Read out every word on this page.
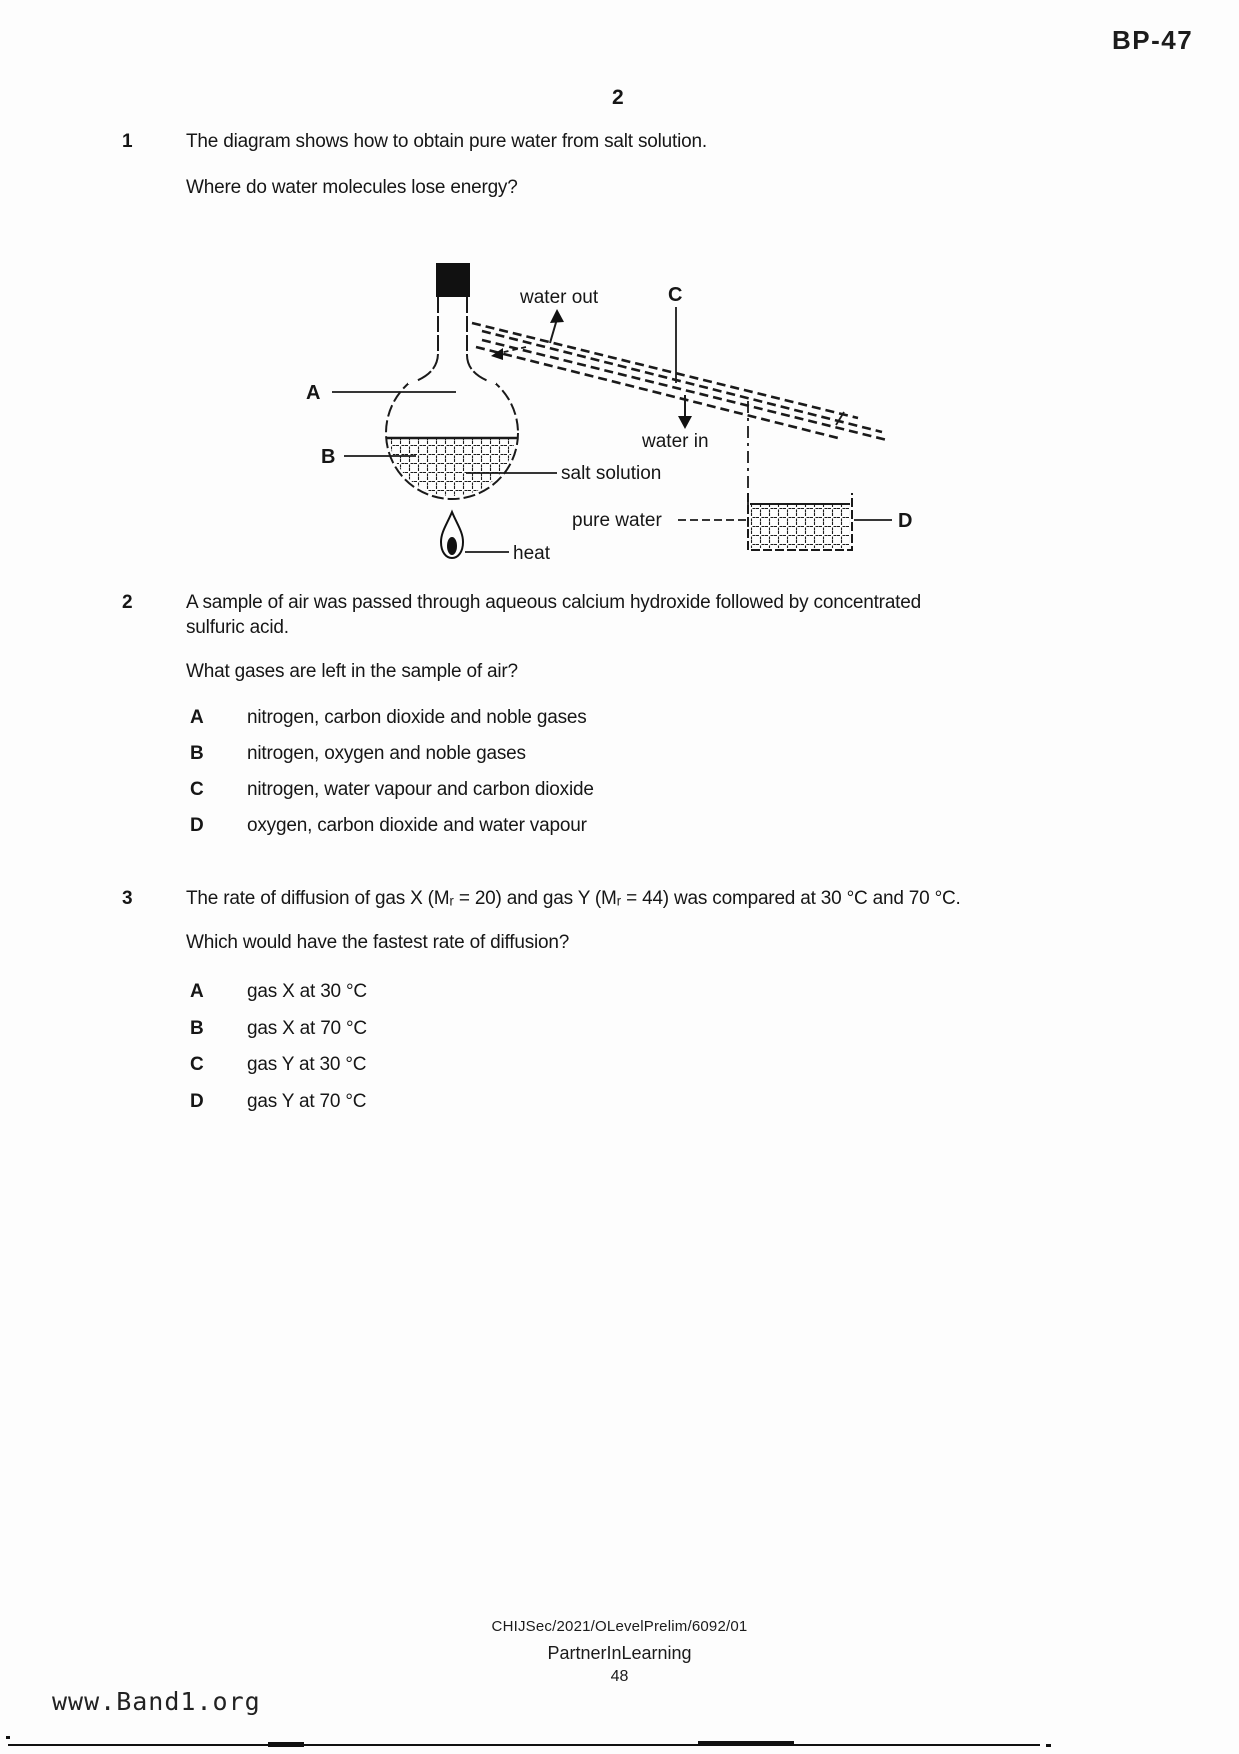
BP-47
2
1	The diagram shows how to obtain pure water from salt solution.
Where do water molecules lose energy?
water out	C
water in
A
B
salt solution
pure water	D
heat
2	A sample of air was passed through aqueous calcium hydroxide followed by concentrated
sulfuric acid.
What gases are left in the sample of air?
A	nitrogen, carbon dioxide and noble gases
B	nitrogen, oxygen and noble gases
C	nitrogen, water vapour and carbon dioxide
D	oxygen, carbon dioxide and water vapour
3	The rate of diffusion of gas X (Mᵣ = 20) and gas Y (Mᵣ = 44) was compared at 30 °C and 70 °C.
Which would have the fastest rate of diffusion?
A	gas X at 30 °C
B	gas X at 70 °C
C	gas Y at 30 °C
D	gas Y at 70 °C
CHIJSec/2021/OLevelPrelim/6092/01
PartnerInLearning
48
www.Band1.org
